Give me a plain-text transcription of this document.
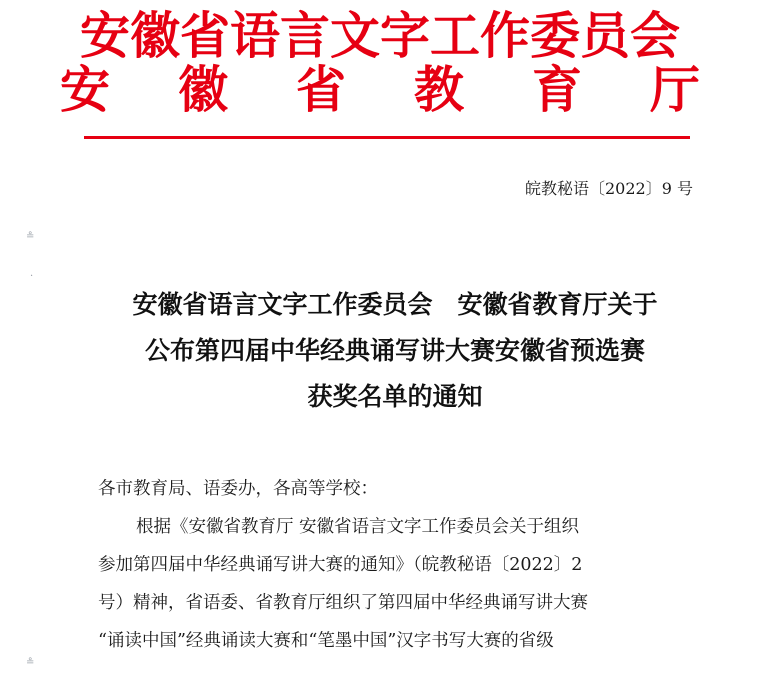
安徽省语言文字工作委员会
安 徽 省 教 育 厅
皖教秘语〔2022〕9 号
≗
·
≗
安徽省语言文字工作委员会　安徽省教育厅关于
公布第四届中华经典诵写讲大赛安徽省预选赛
获奖名单的通知
各市教育局、语委办，各高等学校：
根据《安徽省教育厅 安徽省语言文字工作委员会关于组织
参加第四届中华经典诵写讲大赛的通知》（皖教秘语〔2022〕2
号）精神，省语委、省教育厅组织了第四届中华经典诵写讲大赛
“诵读中国”经典诵读大赛和“笔墨中国”汉字书写大赛的省级
